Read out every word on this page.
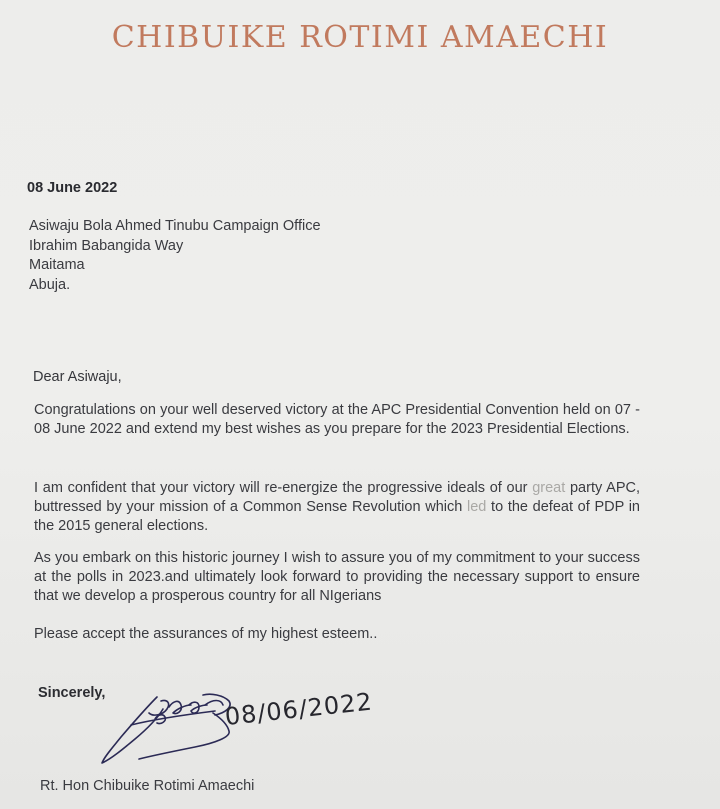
CHIBUIKE ROTIMI AMAECHI
08 June 2022
Asiwaju Bola Ahmed Tinubu Campaign Office
Ibrahim Babangida Way
Maitama
Abuja.
Dear Asiwaju,
Congratulations on your well deserved victory at the APC Presidential Convention held on 07 - 08 June 2022 and extend my best wishes as you prepare for the 2023 Presidential Elections.
I am confident that your victory will re-energize the progressive ideals of our great party APC, buttressed by your mission of a Common Sense Revolution which led to the defeat of PDP in the 2015 general elections.
As you embark on this historic journey I wish to assure you of my commitment to your success at the polls in 2023.and ultimately look forward to providing the necessary support to ensure that we develop a prosperous country for all NIgerians
Please accept the assurances of my highest esteem..
Sincerely,	08/06/2022
Rt. Hon Chibuike Rotimi Amaechi
